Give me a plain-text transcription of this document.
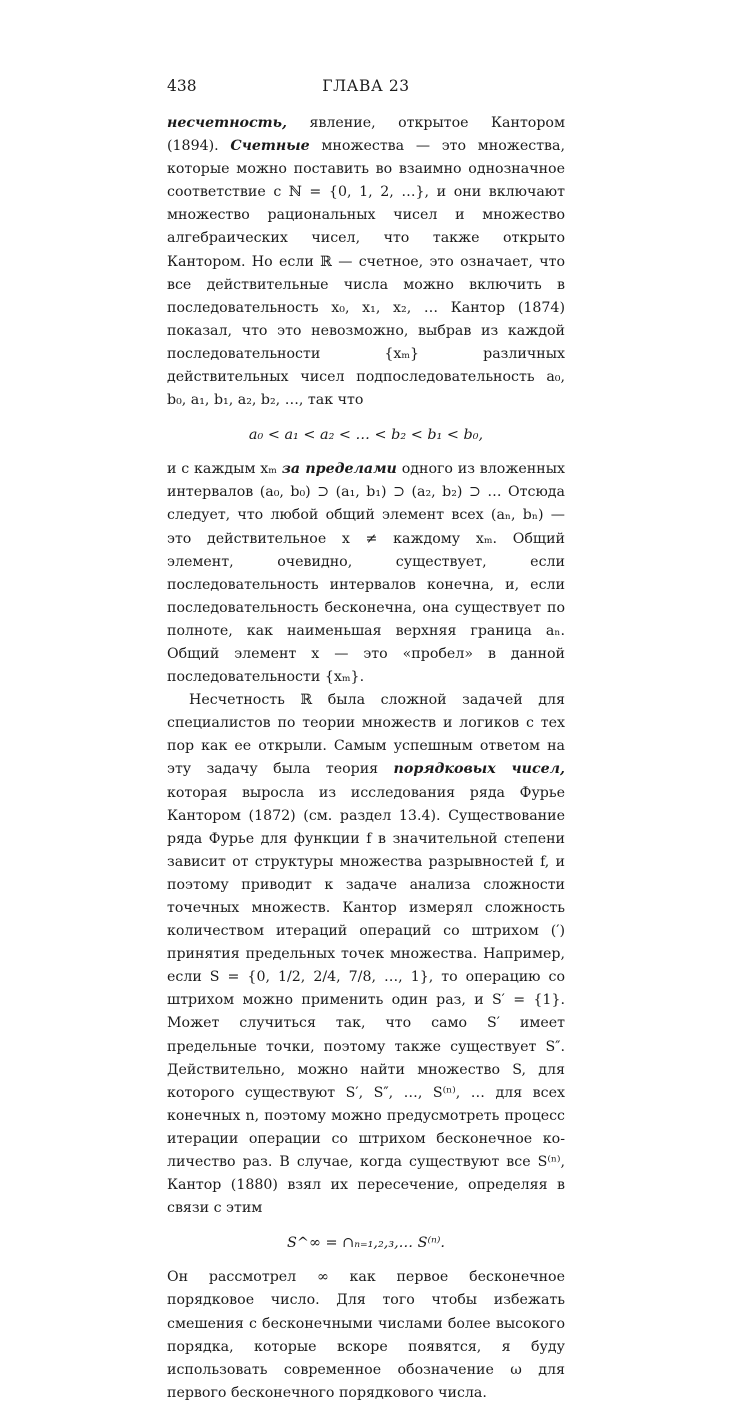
438	ГЛАВА 23

несчетность, явление, открытое Кантором (1894). Счетные множества — это множества, которые можно поставить во взаимно однозначное соответствие с ℕ = {0, 1, 2, …}, и они включают множество рациональных чисел и множество алгебраических чисел, что также открыто Кантором. Но если ℝ — счетное, это означает, что все действительные числа можно включить в последовательность x₀, x₁, x₂, … Кантор (1874) показал, что это невозможно, выбрав из каждой последовательности {xₘ} различных действительных чисел подпоследовательность a₀, b₀, a₁, b₁, a₂, b₂, …, так что

a₀ < a₁ < a₂ < … < b₂ < b₁ < b₀,

и с каждым xₘ за пределами одного из вложенных интервалов (a₀, b₀) ⊃ (a₁, b₁) ⊃ (a₂, b₂) ⊃ … Отсюда следует, что любой общий элемент всех (aₙ, bₙ) — это действительное x ≠ каждому xₘ. Общий элемент, очевидно, существует, если последовательность интервалов конечна, и, если последовательность бесконечна, она существует по полноте, как наименьшая верхняя граница aₙ. Общий элемент x — это «пробел» в данной последовательности {xₘ}.

Несчетность ℝ была сложной задачей для специалистов по теории множеств и логиков с тех пор как ее открыли. Самым успешным ответом на эту задачу была теория порядковых чисел, которая выросла из исследования ряда Фурье Кантором (1872) (см. раздел 13.4). Существование ряда Фурье для функции f в значительной степени зависит от структуры множества разрывностей f, и поэтому приводит к задаче анализа сложности точечных множеств. Кантор измерял сложность количеством итераций операций со штрихом (′) принятия предельных точек множества. Например, если S = {0, 1/2, 2/4, 7/8, …, 1}, то операцию со штрихом можно применить один раз, и S′ = {1}. Может случиться так, что само S′ имеет предельные точки, поэтому также существует S″. Действительно, можно найти множество S, для которого существуют S′, S″, …, S⁽ⁿ⁾, … для всех конечных n, поэтому можно предусмотреть процесс итерации операции со штрихом бесконечное количество раз. В случае, когда существуют все S⁽ⁿ⁾, Кантор (1880) взял их пересечение, определяя в связи с этим

S^∞ = ∩ₙ₌₁,₂,₃,… S⁽ⁿ⁾.

Он рассмотрел ∞ как первое бесконечное порядковое число. Для того чтобы избежать смешения с бесконечными числами более высокого порядка, которые вскоре появятся, я буду использовать современное обозначение ω для первого бесконечного порядкового числа.
